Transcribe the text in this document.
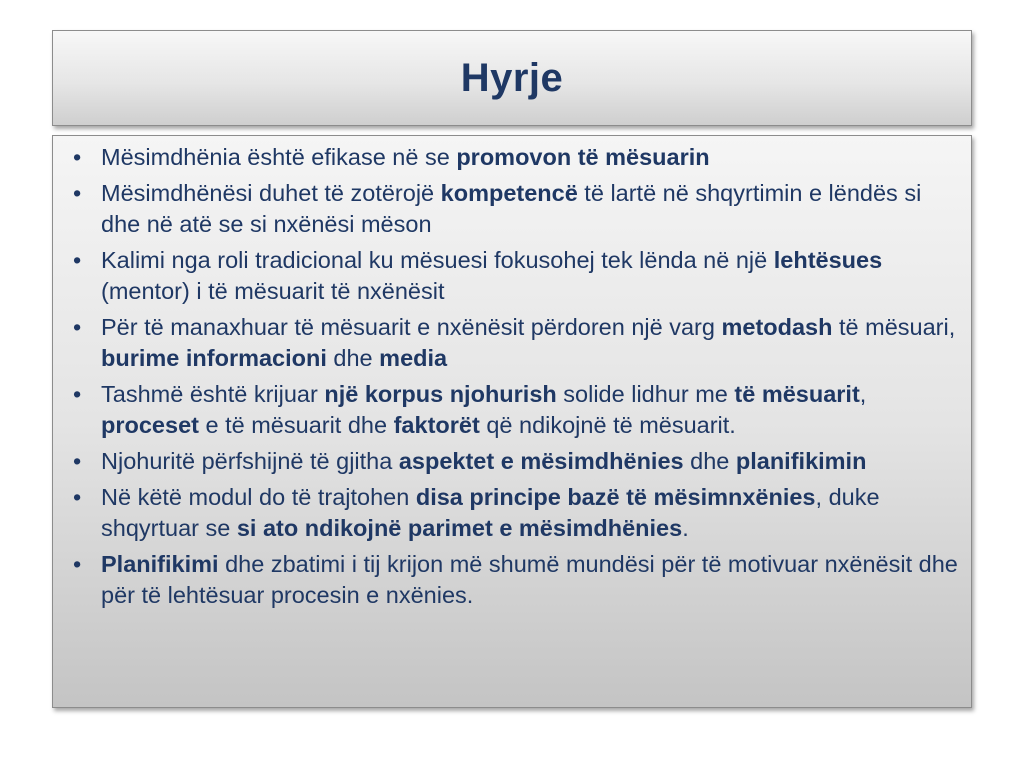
Hyrje
• Mësimdhënia është efikase në se promovon të mësuarin
• Mësimdhënësi duhet të zotërojë kompetencë të lartë në shqyrtimin e lëndës si dhe në atë se si nxënësi mëson
• Kalimi nga roli tradicional ku mësuesi fokusohej tek lënda në një lehtësues (mentor) i të mësuarit të nxënësit
• Për të manaxhuar të mësuarit e nxënësit përdoren një varg metodash të mësuari, burime informacioni dhe media
• Tashmë është krijuar një korpus njohurish solide lidhur me të mësuarit, proceset e të mësuarit dhe faktorët që ndikojnë të mësuarit.
• Njohuritë përfshijnë të gjitha aspektet e mësimdhënies dhe planifikimin
• Në këtë modul do të trajtohen disa principe bazë të mësimnxënies, duke shqyrtuar se si ato ndikojnë parimet e mësimdhënies.
• Planifikimi dhe zbatimi i tij krijon më shumë mundësi për të motivuar nxënësit dhe për të lehtësuar procesin e nxënies.
